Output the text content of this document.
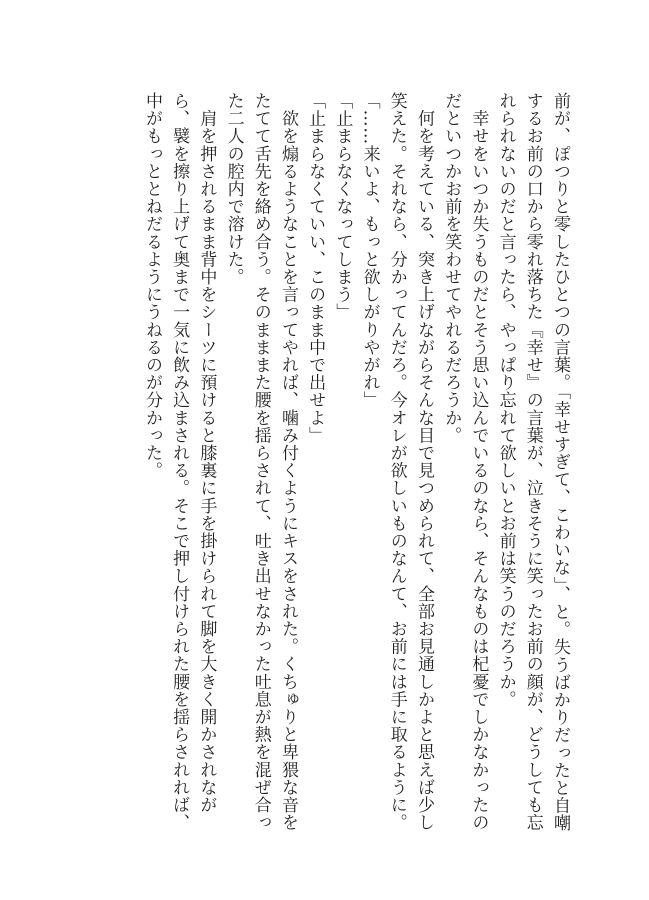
前が、ぽつりと零したひとつの言葉。「幸せすぎて、こわいな」、と。失うばかりだったと自嘲
するお前の口から零れ落ちた『幸せ』の言葉が、泣きそうに笑ったお前の顔が、どうしても忘
れられないのだと言ったら、やっぱり忘れて欲しいとお前は笑うのだろうか。
　幸せをいつか失うものだとそう思い込んでいるのなら、そんなものは杞憂でしかなかったの
だといつかお前を笑わせてやれるだろうか。
　何を考えている、突き上げながらそんな目で見つめられて、全部お見通しかよと思えば少し
笑えた。それなら、分かってんだろ。今オレが欲しいものなんて、お前には手に取るように。
「……来いよ、もっと欲しがりやがれ」
「止まらなくなってしまう」
「止まらなくていい、このまま中で出せよ」
　欲を煽るようなことを言ってやれば、噛み付くようにキスをされた。くちゅりと卑猥な音を
たてて舌先を絡め合う。そのまままた腰を揺らされて、吐き出せなかった吐息が熱を混ぜ合っ
た二人の腔内で溶けた。
　肩を押されるまま背中をシーツに預けると膝裏に手を掛けられて脚を大きく開かされなが
ら、襞を擦り上げて奥まで一気に飲み込まされる。そこで押し付けられた腰を揺らされれば、
中がもっととねだるようにうねるのが分かった。
